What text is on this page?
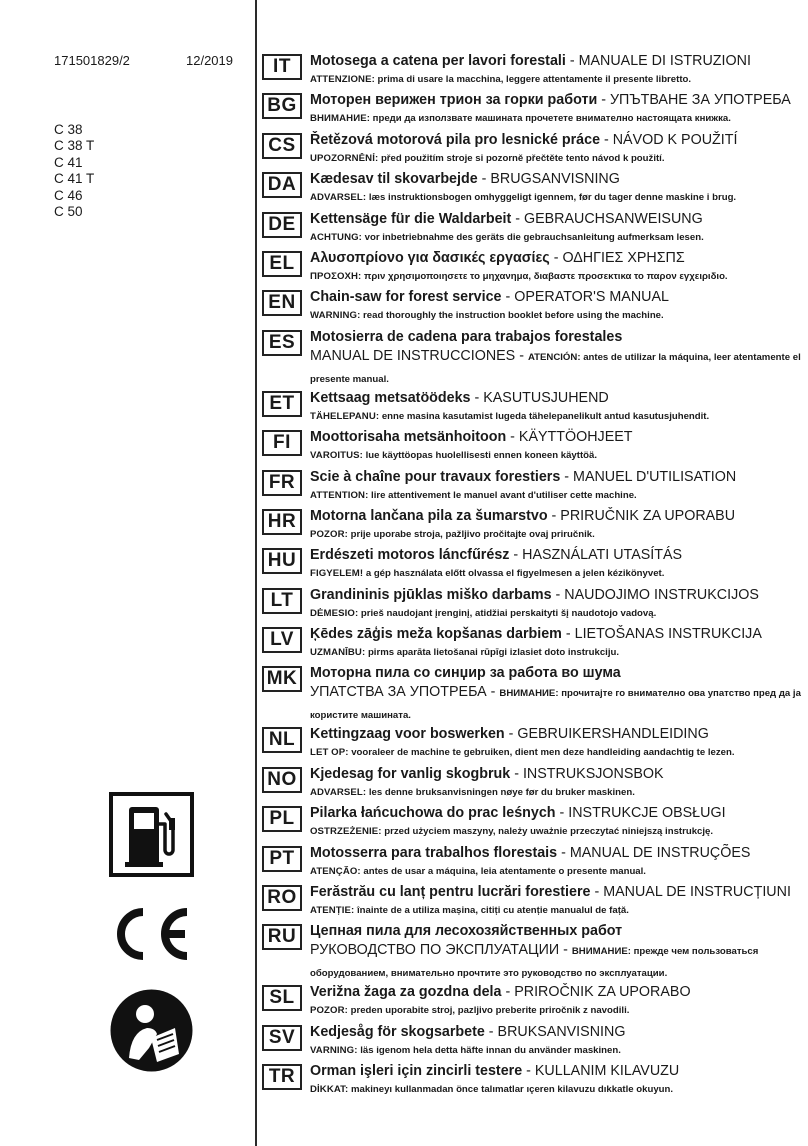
171501829/2	12/2019
C 38
C 38 T
C 41
C 41 T
C 46
C 50
IT	Motosega a catena per lavori forestali - MANUALE DI ISTRUZIONI
ATTENZIONE: prima di usare la macchina, leggere attentamente il presente libretto.
BG Моторен верижен трион за горки работи - УПЪТВАНЕ ЗА УПОТРЕБА
ВНИМАНИЕ: преди да използвате машината прочетете внимателно настоящата книжка.
CS Řetězová motorová pila pro lesnické práce - NÁVOD K POUŽITÍ
UPOZORNĚNÍ: před použitím stroje si pozorně přečtěte tento návod k použití.
DA Kædesav til skovarbejde - BRUGSANVISNING
ADVARSEL: læs instruktionsbogen omhyggeligt igennem, før du tager denne maskine i brug.
DE Kettensäge für die Waldarbeit - GEBRAUCHSANWEISUNG
ACHTUNG: vor inbetriebnahme des geräts die gebrauchsanleitung aufmerksam lesen.
EL	Αλυσοπρίονο για δασικές εργασίες - ΟΔΗΓΙΕΣ ΧΡΗΣΠΣ
ΠΡΟΣΟΧΗ: πριν χρησιμοποιησετε το μηχανημα, διαβαστε προσεκτικα το παρον εγχειριδιο.
EN Chain-saw for forest service - OPERATOR'S MANUAL
WARNING: read thoroughly the instruction booklet before using the machine.
ES	Motosierra de cadena para trabajos forestales
MANUAL DE INSTRUCCIONES - ATENCIÓN: antes de utilizar la máquina, leer atentamente el presente manual.
ET	Kettsaag metsatöödeks - KASUTUSJUHEND
TÄHELEPANU: enne masina kasutamist lugeda tähelepanelikult antud kasutusjuhendit.
FI	Moottorisaha metsänhoitoon - KÄYTTÖOHJEET
VAROITUS: lue käyttöopas huolellisesti ennen koneen käyttöä.
FR	Scie à chaîne pour travaux forestiers - MANUEL D'UTILISATION
ATTENTION: lire attentivement le manuel avant d'utiliser cette machine.
HR Motorna lančana pila za šumarstvo - PRIRUČNIK ZA UPORABU
POZOR: prije uporabe stroja, pažljivo pročitajte ovaj priručnik.
HU Erdészeti motoros láncfűrész - HASZNÁLATI UTASÍTÁS
FIGYELEM! a gép használata előtt olvassa el figyelmesen a jelen kézikönyvet.
LT	Grandininis pjūklas miško darbams - NAUDOJIMO INSTRUKCIJOS
DĖMESIO: prieš naudojant įrenginį, atidžiai perskaityti šį naudotojo vadovą.
LV	Ķēdes zāģis meža kopšanas darbiem - LIETOŠANAS INSTRUKCIJA
UZMANĪBU: pirms aparāta lietošanai rūpīgi izlasiet doto instrukciju.
MK Моторна пила со синџир за работа во шума
УПАТСТВА ЗА УПОТРЕБА - ВНИМАНИЕ: прочитајте го внимателно ова упатство пред да ја користите машината.
NL	Kettingzaag voor boswerken - GEBRUIKERSHANDLEIDING
LET OP: vooraleer de machine te gebruiken, dient men deze handleiding aandachtig te lezen.
NO Kjedesag for vanlig skogbruk - INSTRUKSJONSBOK
ADVARSEL: les denne bruksanvisningen nøye før du bruker maskinen.
PL	Pilarka łańcuchowa do prac leśnych - INSTRUKCJE OBSŁUGI
OSTRZEŻENIE: przed użyciem maszyny, należy uważnie przeczytać niniejszą instrukcję.
PT	Motosserra para trabalhos florestais - MANUAL DE INSTRUÇÕES
ATENÇÃO: antes de usar a máquina, leia atentamente o presente manual.
RO Ferăstrău cu lanț pentru lucrări forestiere - MANUAL DE INSTRUCȚIUNI
ATENȚIE: înainte de a utiliza mașina, citiți cu atenție manualul de față.
RU Цепная пила для лесохозяйственных работ
РУКОВОДСТВО ПО ЭКСПЛУАТАЦИИ - ВНИМАНИЕ: прежде чем пользоваться оборудованием, внимательно прочтите это руководство по эксплуатации.
SL	Verižna žaga za gozdna dela - PRIROČNIK ZA UPORABO
POZOR: preden uporabite stroj, pazljivo preberite priročnik z navodili.
SV	Kedjesåg för skogsarbete - BRUKSANVISNING
VARNING: läs igenom hela detta häfte innan du använder maskinen.
TR	Orman işleri için zincirli testere - KULLANIM KILAVUZU
DİKKAT: makineyı kullanmadan önce talımatlar ıçeren kilavuzu dıkkatle okuyun.
